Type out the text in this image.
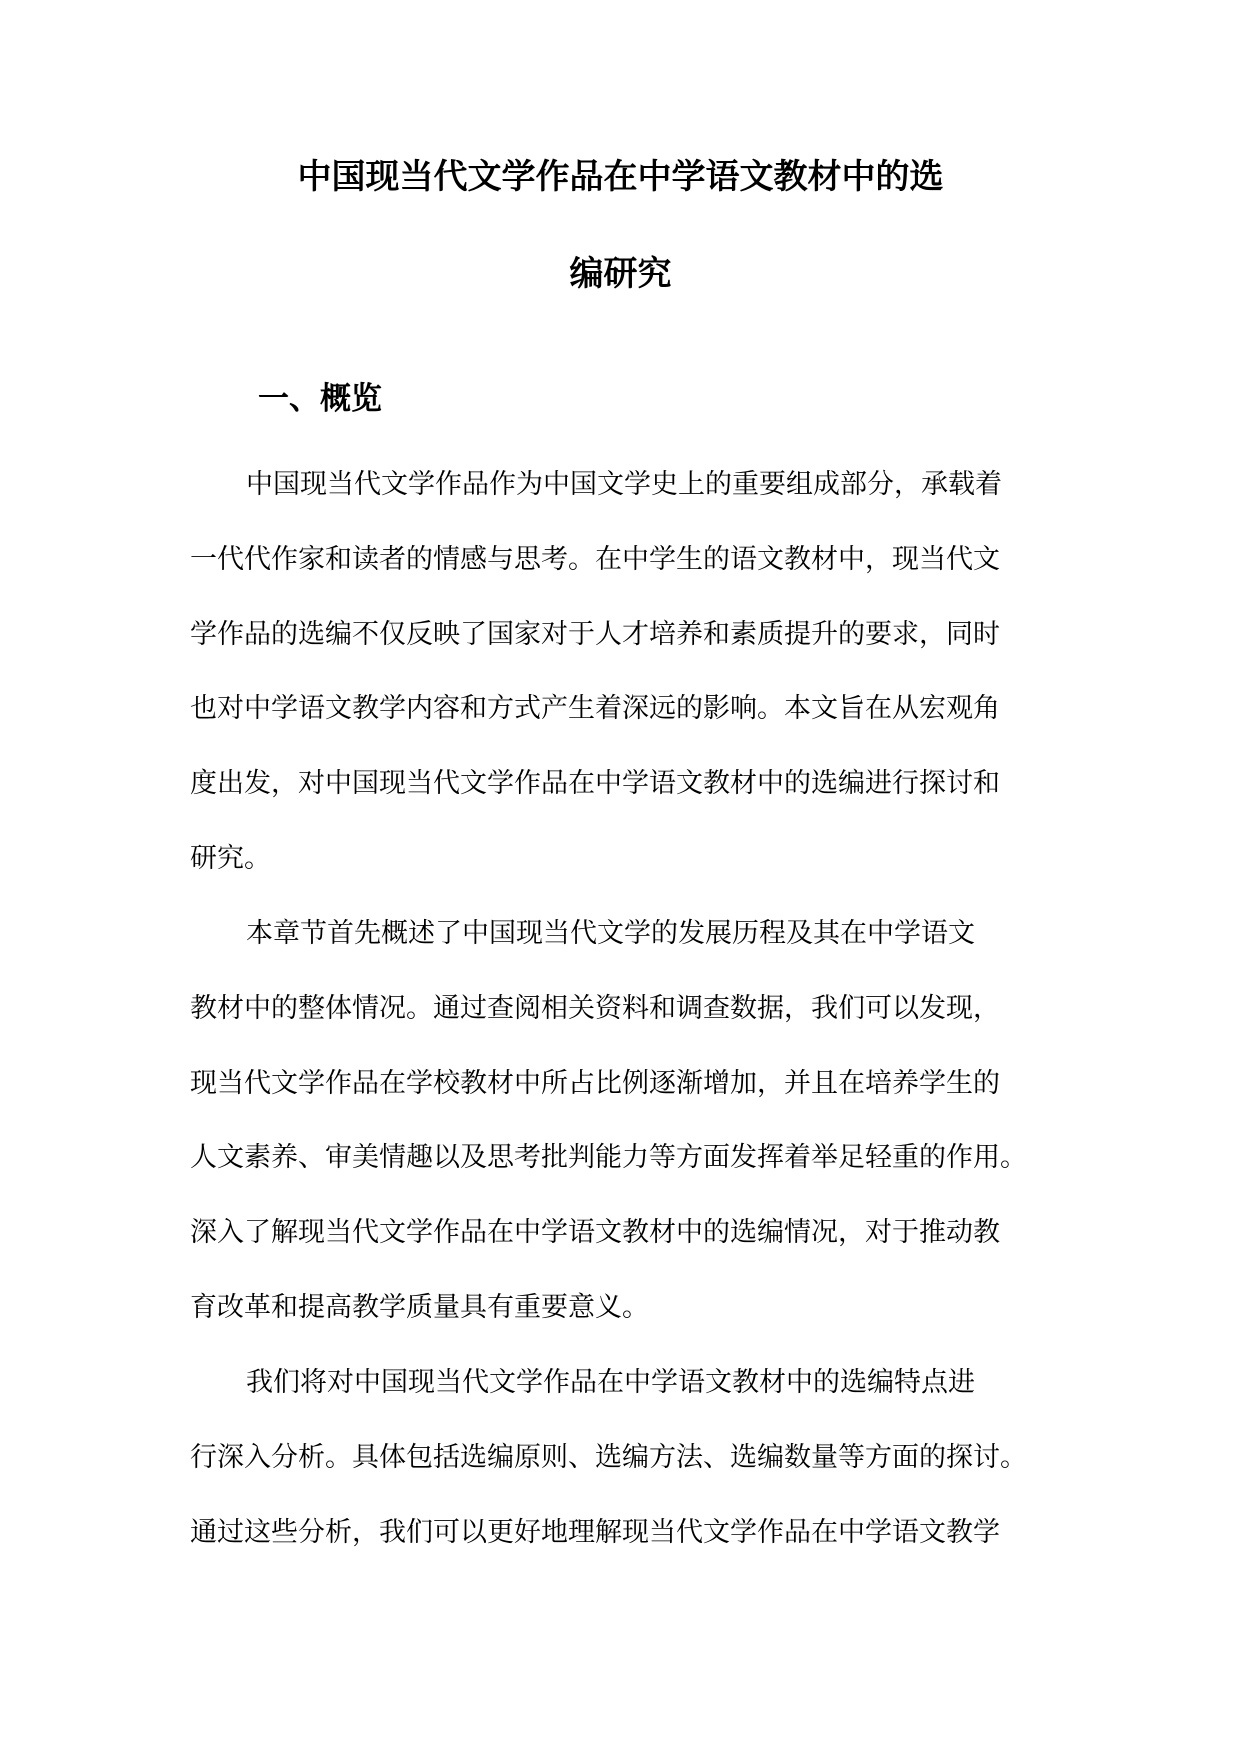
中国现当代文学作品在中学语文教材中的选
编研究
一、概览
中国现当代文学作品作为中国文学史上的重要组成部分，承载着
一代代作家和读者的情感与思考。在中学生的语文教材中，现当代文
学作品的选编不仅反映了国家对于人才培养和素质提升的要求，同时
也对中学语文教学内容和方式产生着深远的影响。本文旨在从宏观角
度出发，对中国现当代文学作品在中学语文教材中的选编进行探讨和
研究。
本章节首先概述了中国现当代文学的发展历程及其在中学语文
教材中的整体情况。通过查阅相关资料和调查数据，我们可以发现，
现当代文学作品在学校教材中所占比例逐渐增加，并且在培养学生的
人文素养、审美情趣以及思考批判能力等方面发挥着举足轻重的作用。
深入了解现当代文学作品在中学语文教材中的选编情况，对于推动教
育改革和提高教学质量具有重要意义。
我们将对中国现当代文学作品在中学语文教材中的选编特点进
行深入分析。具体包括选编原则、选编方法、选编数量等方面的探讨。
通过这些分析，我们可以更好地理解现当代文学作品在中学语文教学
